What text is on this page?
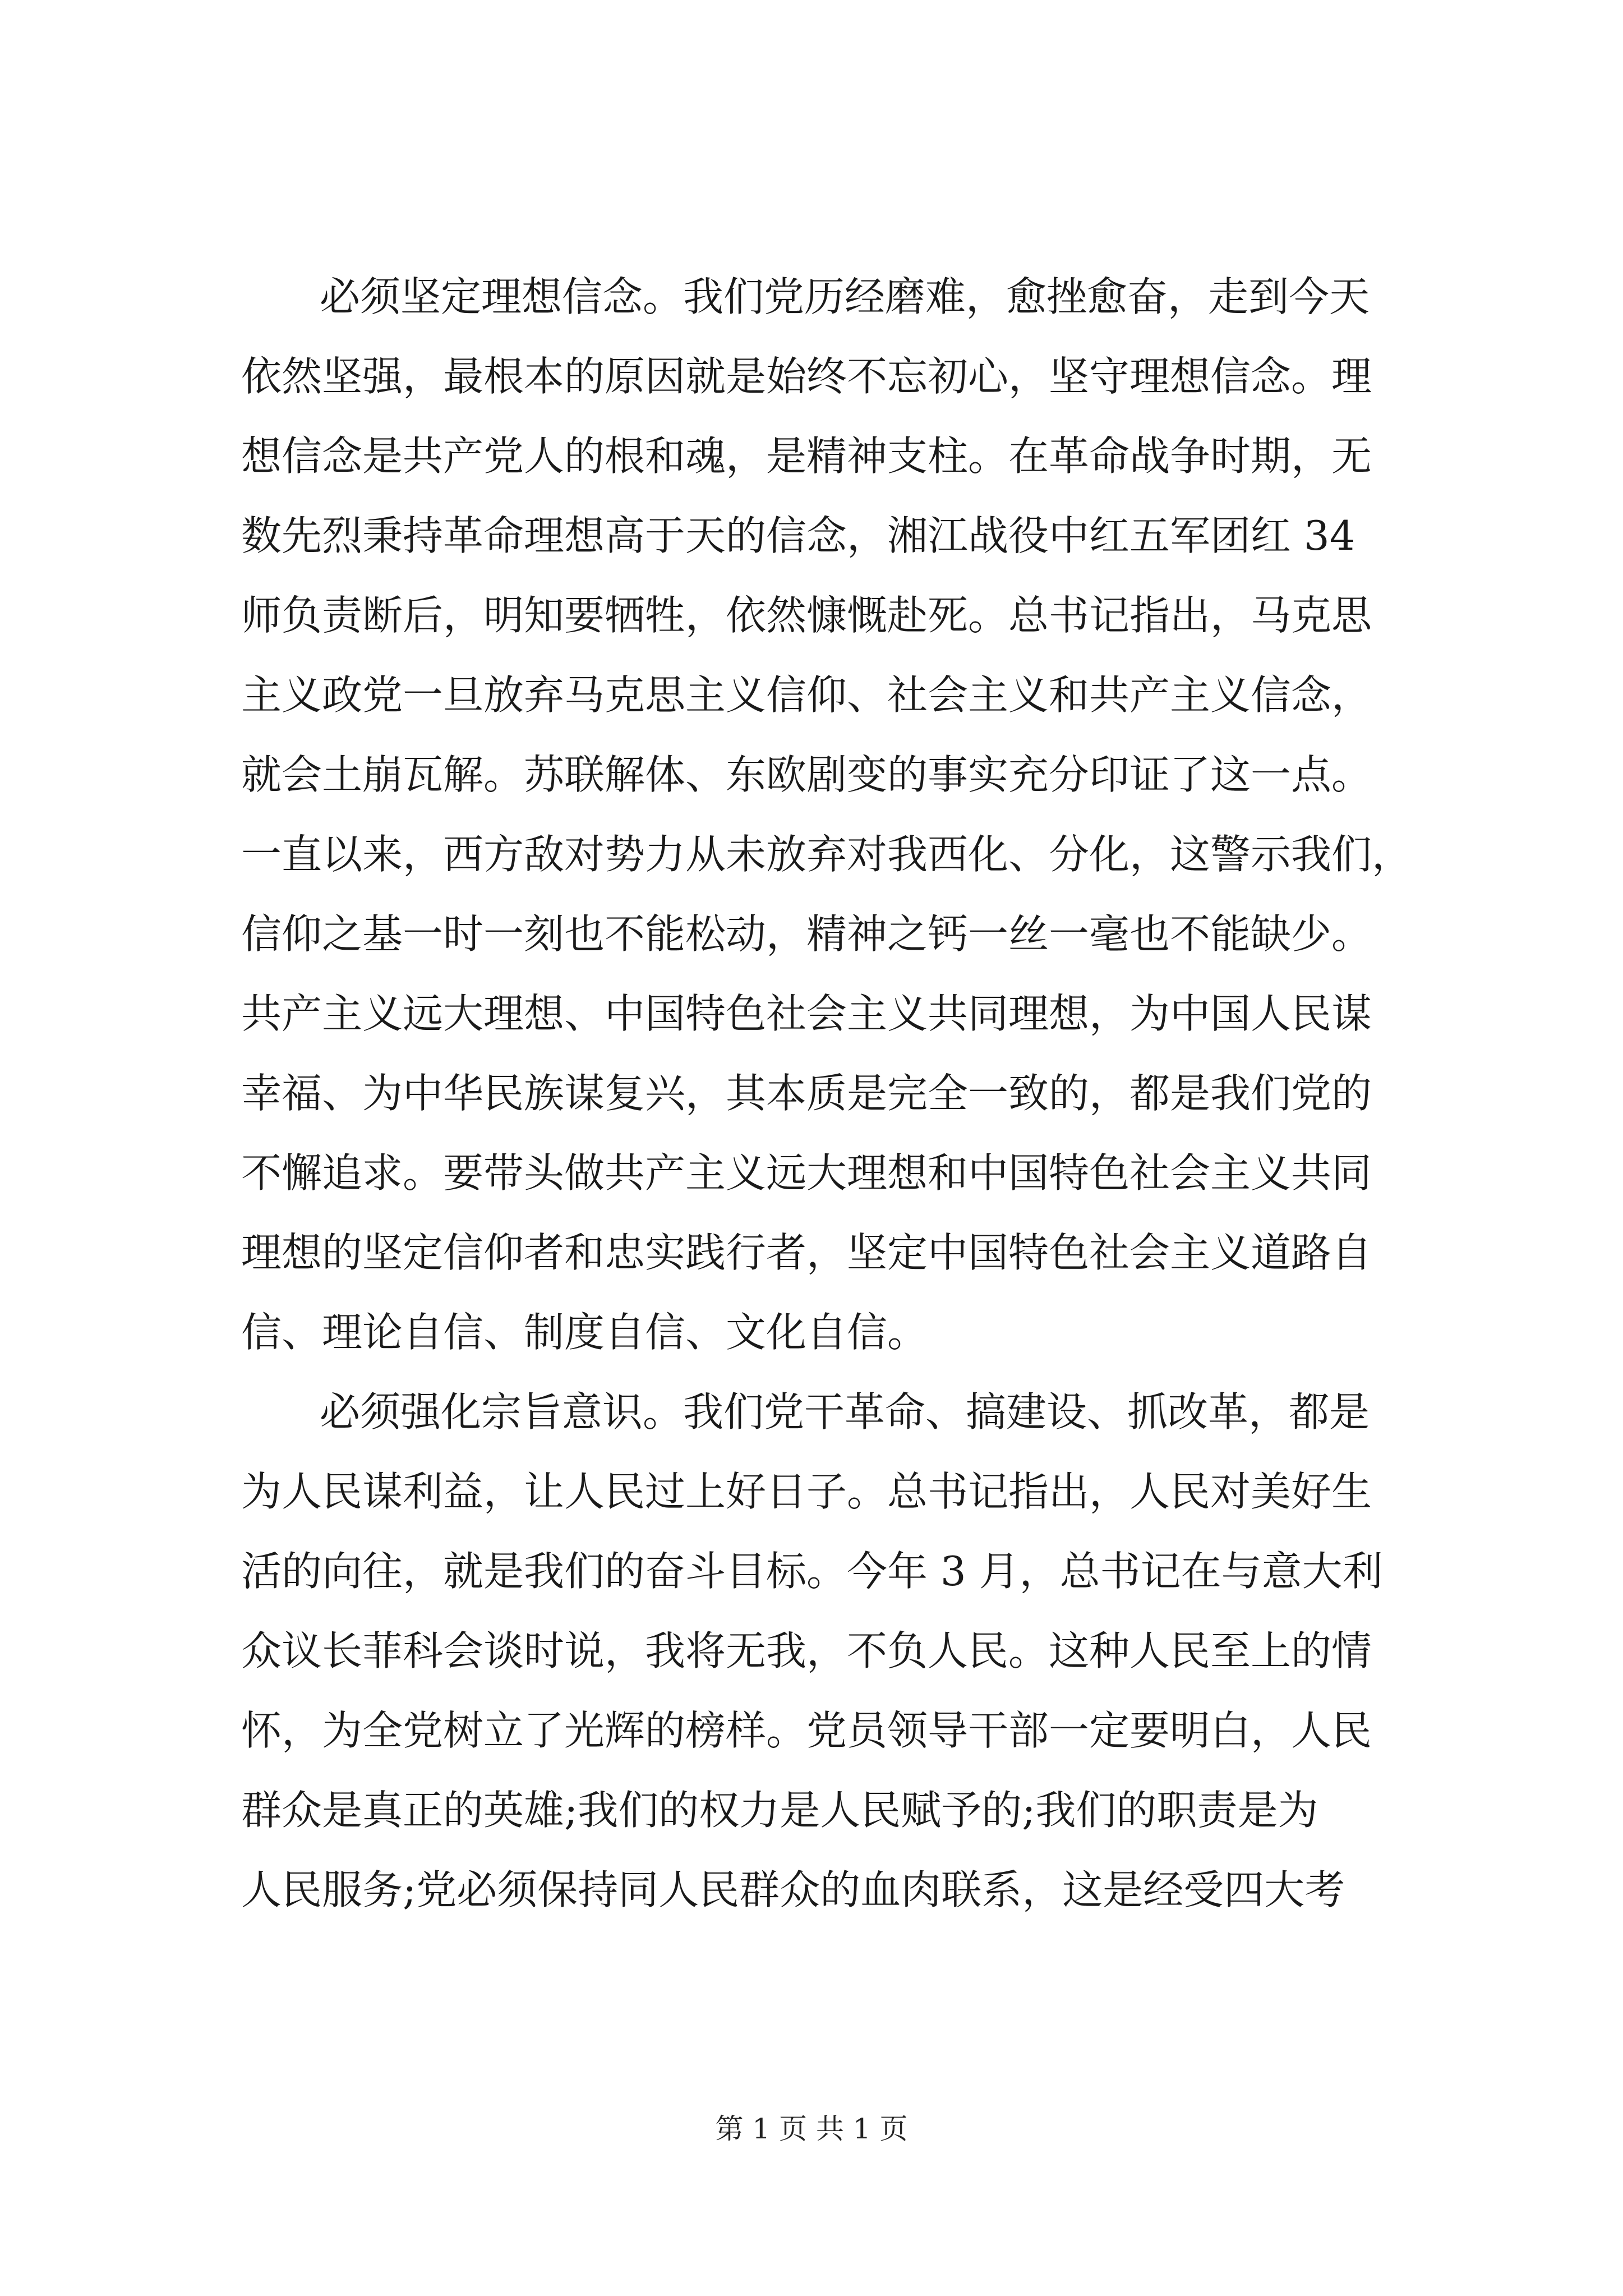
必须坚定理想信念。我们党历经磨难，愈挫愈奋，走到今天
依然坚强，最根本的原因就是始终不忘初心，坚守理想信念。理
想信念是共产党人的根和魂，是精神支柱。在革命战争时期，无
数先烈秉持革命理想高于天的信念，湘江战役中红五军团红 34
师负责断后，明知要牺牲，依然慷慨赴死。总书记指出，马克思
主义政党一旦放弃马克思主义信仰、社会主义和共产主义信念，
就会土崩瓦解。苏联解体、东欧剧变的事实充分印证了这一点。
一直以来，西方敌对势力从未放弃对我西化、分化，这警示我们，
信仰之基一时一刻也不能松动，精神之钙一丝一毫也不能缺少。
共产主义远大理想、中国特色社会主义共同理想，为中国人民谋
幸福、为中华民族谋复兴，其本质是完全一致的，都是我们党的
不懈追求。要带头做共产主义远大理想和中国特色社会主义共同
理想的坚定信仰者和忠实践行者，坚定中国特色社会主义道路自
信、理论自信、制度自信、文化自信。
必须强化宗旨意识。我们党干革命、搞建设、抓改革，都是
为人民谋利益，让人民过上好日子。总书记指出，人民对美好生
活的向往，就是我们的奋斗目标。今年 3 月，总书记在与意大利
众议长菲科会谈时说，我将无我，不负人民。这种人民至上的情
怀，为全党树立了光辉的榜样。党员领导干部一定要明白，人民
群众是真正的英雄;我们的权力是人民赋予的;我们的职责是为
人民服务;党必须保持同人民群众的血肉联系，这是经受四大考
第 1 页 共 1 页
